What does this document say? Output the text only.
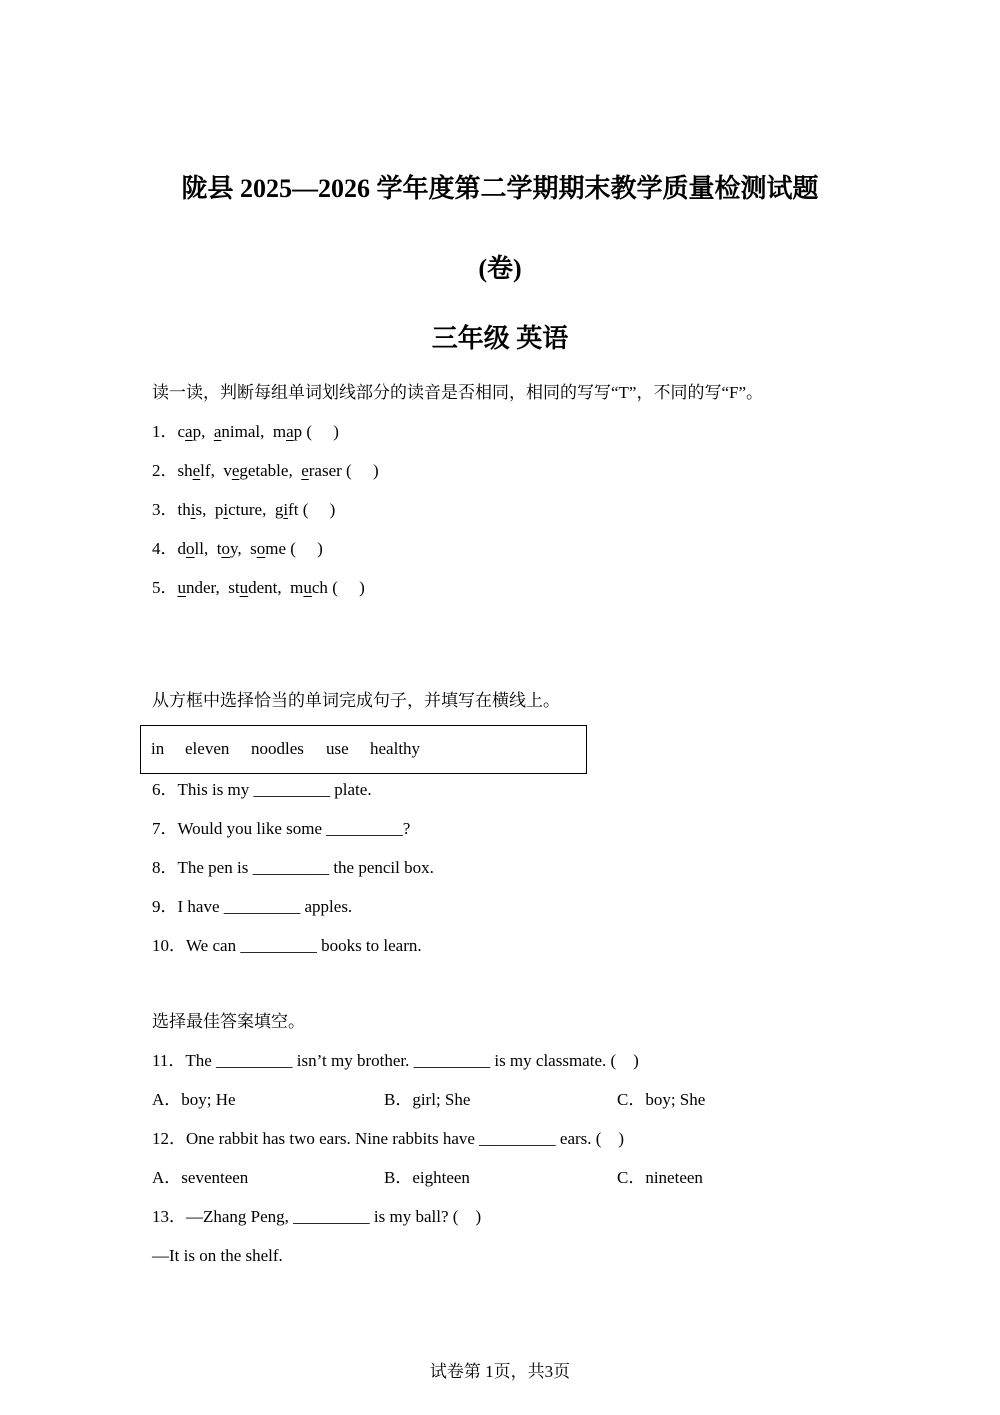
陇县 2025—2026 学年度第二学期期末教学质量检测试题
(卷)
三年级 英语
读一读，判断每组单词划线部分的读音是否相同，相同的写写“T”，不同的写“F”。
1．cap,  animal,  map (　 )
2．shelf,  vegetable,  eraser (　 )
3．this,  picture,  gift (　 )
4．doll,  toy,  some (　 )
5．under,  student,  much (　 )
从方框中选择恰当的单词完成句子，并填写在横线上。
in eleven noodles use healthy
6．This is my _________ plate.
7．Would you like some _________?
8．The pen is _________ the pencil box.
9．I have _________ apples.
10．We can _________ books to learn.
选择最佳答案填空。
11．The _________ isn’t my brother. _________ is my classmate. (　)
A．boy; He	B．girl; She	C．boy; She
12．One rabbit has two ears. Nine rabbits have _________ ears. (　)
A．seventeen	B．eighteen	C．nineteen
13．—Zhang Peng, _________ is my ball? (　)
—It is on the shelf.
试卷第 1页，共3页
